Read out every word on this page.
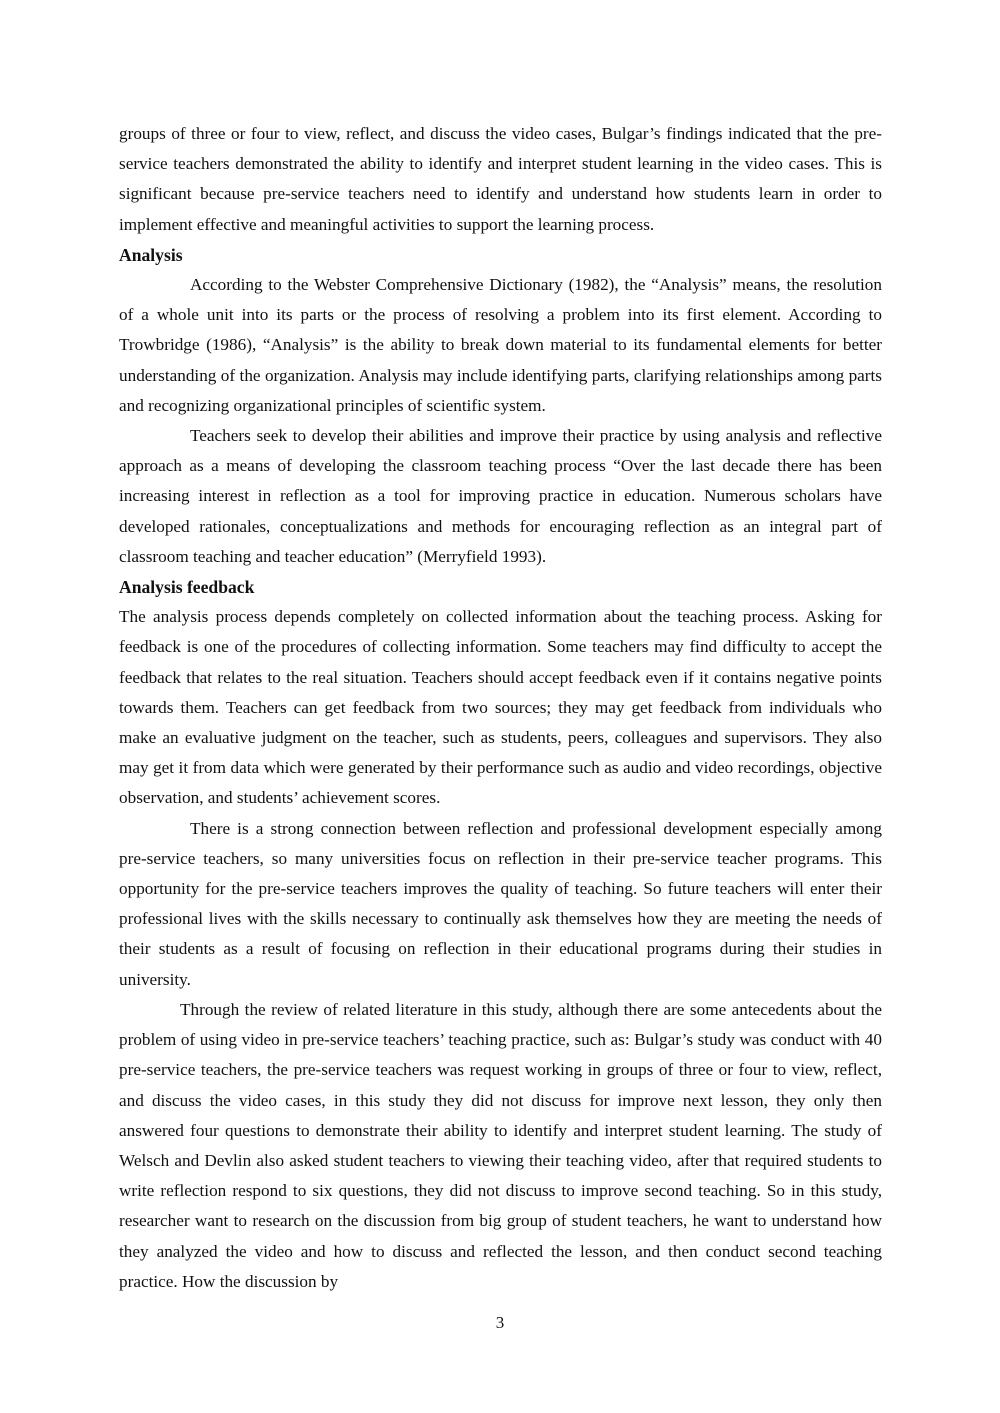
groups of three or four to view, reflect, and discuss the video cases, Bulgar’s findings indicated that the pre-service teachers demonstrated the ability to identify and interpret student learning in the video cases. This is significant because pre-service teachers need to identify and understand how students learn in order to implement effective and meaningful activities to support the learning process.

Analysis

According to the Webster Comprehensive Dictionary (1982), the “Analysis” means, the resolution of a whole unit into its parts or the process of resolving a problem into its first element. According to Trowbridge (1986), “Analysis” is the ability to break down material to its fundamental elements for better understanding of the organization. Analysis may include identifying parts, clarifying relationships among parts and recognizing organizational principles of scientific system.

Teachers seek to develop their abilities and improve their practice by using analysis and reflective approach as a means of developing the classroom teaching process “Over the last decade there has been increasing interest in reflection as a tool for improving practice in education. Numerous scholars have developed rationales, conceptualizations and methods for encouraging reflection as an integral part of classroom teaching and teacher education” (Merryfield 1993).

Analysis feedback

The analysis process depends completely on collected information about the teaching process. Asking for feedback is one of the procedures of collecting information. Some teachers may find difficulty to accept the feedback that relates to the real situation. Teachers should accept feedback even if it contains negative points towards them. Teachers can get feedback from two sources; they may get feedback from individuals who make an evaluative judgment on the teacher, such as students, peers, colleagues and supervisors. They also may get it from data which were generated by their performance such as audio and video recordings, objective observation, and students’ achievement scores.

There is a strong connection between reflection and professional development especially among pre-service teachers, so many universities focus on reflection in their pre-service teacher programs. This opportunity for the pre-service teachers improves the quality of teaching. So future teachers will enter their professional lives with the skills necessary to continually ask themselves how they are meeting the needs of their students as a result of focusing on reflection in their educational programs during their studies in university.

Through the review of related literature in this study, although there are some antecedents about the problem of using video in pre-service teachers’ teaching practice, such as: Bulgar’s study was conduct with 40 pre-service teachers, the pre-service teachers was request working in groups of three or four to view, reflect, and discuss the video cases, in this study they did not discuss for improve next lesson, they only then answered four questions to demonstrate their ability to identify and interpret student learning. The study of Welsch and Devlin also asked student teachers to viewing their teaching video, after that required students to write reflection respond to six questions, they did not discuss to improve second teaching. So in this study, researcher want to research on the discussion from big group of student teachers, he want to understand how they analyzed the video and how to discuss and reflected the lesson, and then conduct second teaching practice. How the discussion by

3
